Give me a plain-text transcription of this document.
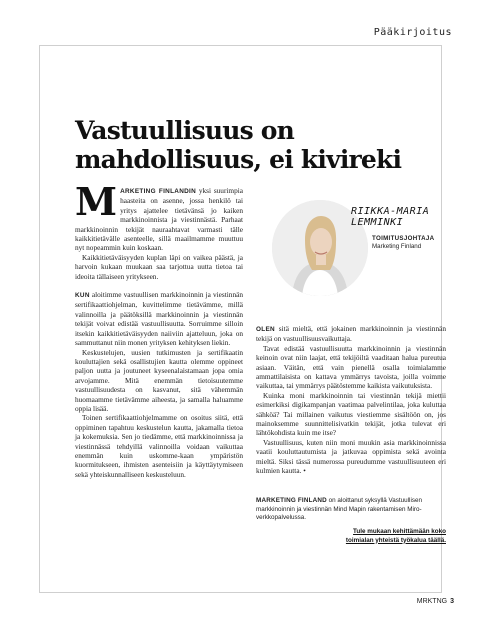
Pääkirjoitus
Vastuullisuus on mahdollisuus, ei kivireki
M ARKETING FINLANDIN yksi suurimpia haasteita on asenne, jossa henkilö tai yritys ajattelee tietävänsä jo kaiken markkinoinnista ja viestinnästä. Parhaat markkinoinnin tekijät nauraahtavat varmasti tälle kaikkitietävälle asenteelle, sillä maailmamme muuttuu nyt nopeammin kuin koskaan.

Kaikkitietäväisyyden kuplan läpi on vaikea päästä, ja harvoin kukaan muukaan saa tarjottua uutta tietoa tai ideoita tällaiseen yritykseen.

KUN aloitimme vastuullisen markkinoinnin ja viestinnän sertifikaattiohjelman, kuvittelimme tietävämme, millä valinnoilla ja päätöksillä markkinoinnin ja viestinnän tekijät voivat edistää vastuullisuutta. Sorruimme silloin itsekin kaikkitietäväisyyden naiiviin ajatteluun, joka on sammuttanut niin monen yrityksen kehityksen liekin.

Keskustelujen, uusien tutkimusten ja sertifikaatin kouluttajien sekä osallistujien kautta olemme oppineet paljon uutta ja joutuneet kyseenalaistamaan jopa omia arvojamme. Mitä enemmän tietoisuutemme vastuullisuudesta on kasvanut, sitä vähemmän huomaamme tietävämme aiheesta, ja samalla haluamme oppia lisää.

Toinen sertifikaattiohjelmamme on osoitus siitä, että oppiminen tapahtuu keskustelun kautta, jakamalla tietoa ja kokemuksia. Sen jo tiedämme, että markkinoinnissa ja viestinnässä tehdyillä valinnoilla voidaan vaikuttaa enemmän kuin uskomme-kaan ympäristön kuormitukseen, ihmisten asenteisiin ja käyttäytymiseen sekä yhteiskunnalliseen keskusteluun.

RIIKKA-MARIA
LEMMINKI
TOIMITUSJOHTAJA
Marketing Finland

OLEN sitä mieltä, että jokainen markkinoinnin ja viestinnän tekijä on vastuullisuusvaikuttaja.

Tavat edistää vastuullisuutta markkinoinnin ja viestinnän keinoin ovat niin laajat, että tekijöiltä vaaditaan halua pureutua asiaan. Väitän, että vain pienellä osalla toimialamme ammattilaisista on kattava ymmärrys tavoista, joilla voimme vaikuttaa, tai ymmärrys päätöstemme kaikista vaikutuksista.

Kuinka moni markkinoinnin tai viestinnän tekijä miettii esimerkiksi digikampanjan vaatimaa palvelintilaa, joka kuluttaa sähköä? Tai millainen vaikutus viestiemme sisältöön on, jos mainoksemme suunnittelisivatkin tekijät, jotka tulevat eri lähtökohdista kuin me itse?

Vastuullisuus, kuten niin moni muukin asia markkinoinnissa vaatii kouluttautumista ja jatkuvaa oppimista sekä avointa mieltä. Siksi tässä numerossa pureudumme vastuullisuuteen eri kulmien kautta. •

MARKETING FINLAND on aloittanut syksyllä Vastuullisen markkinoinnin ja viestinnän Mind Mapin rakentamisen Miro-verkkopalvelussa.
Tule mukaan kehittämään koko toimialan yhteistä työkalua täällä.
MRKTNG 3
